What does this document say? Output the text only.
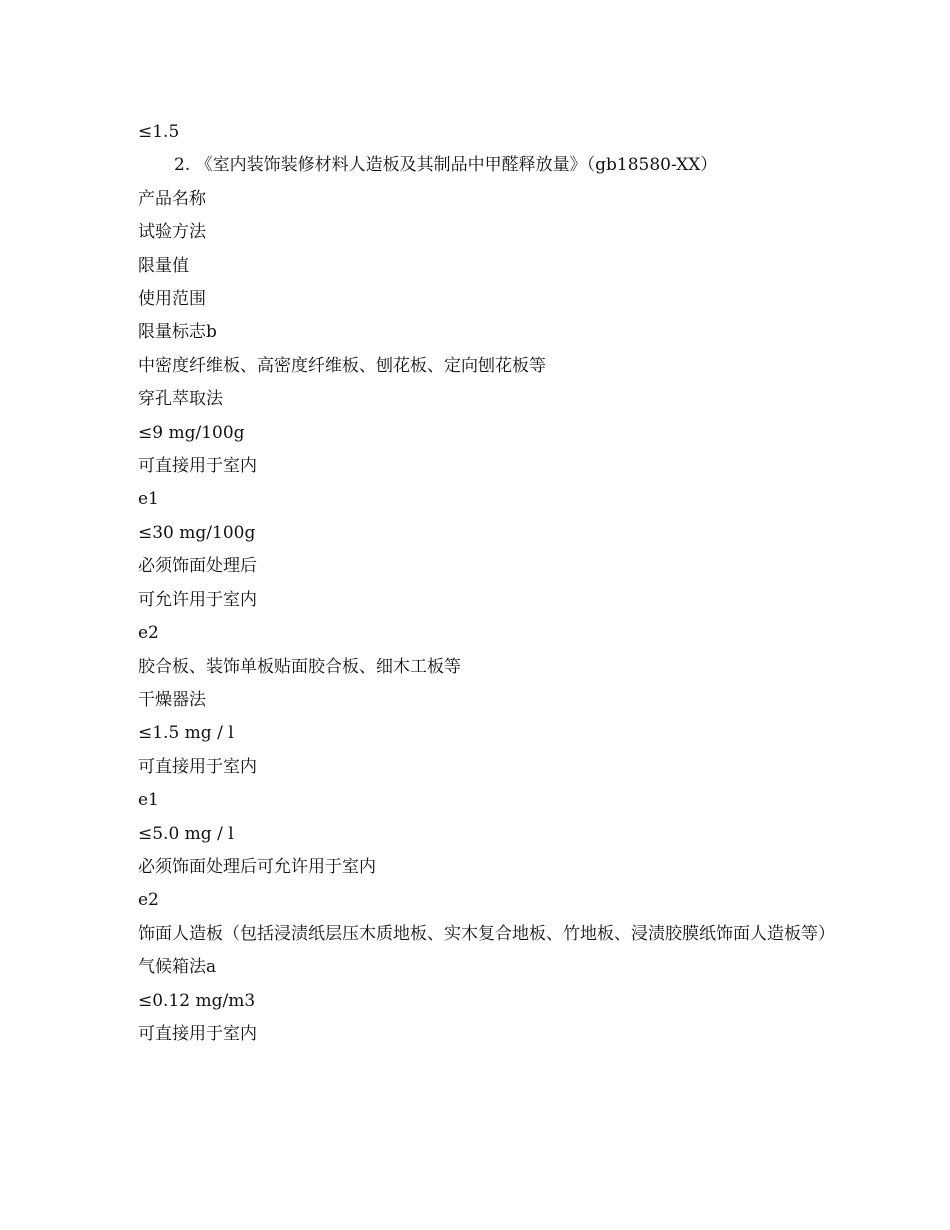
≤1.5

2. 《室内装饰装修材料人造板及其制品中甲醛释放量》（gb18580-XX）

产品名称

试验方法

限量值

使用范围

限量标志b

中密度纤维板、高密度纤维板、刨花板、定向刨花板等

穿孔萃取法

≤9 mg/100g

可直接用于室内

e1

≤30 mg/100g

必须饰面处理后

可允许用于室内

e2

胶合板、装饰单板贴面胶合板、细木工板等

干燥器法

≤1.5 mg / l

可直接用于室内

e1

≤5.0 mg / l

必须饰面处理后可允许用于室内

e2

饰面人造板（包括浸渍纸层压木质地板、实木复合地板、竹地板、浸渍胶膜纸饰面人造板等）

气候箱法a

≤0.12 mg/m3

可直接用于室内
